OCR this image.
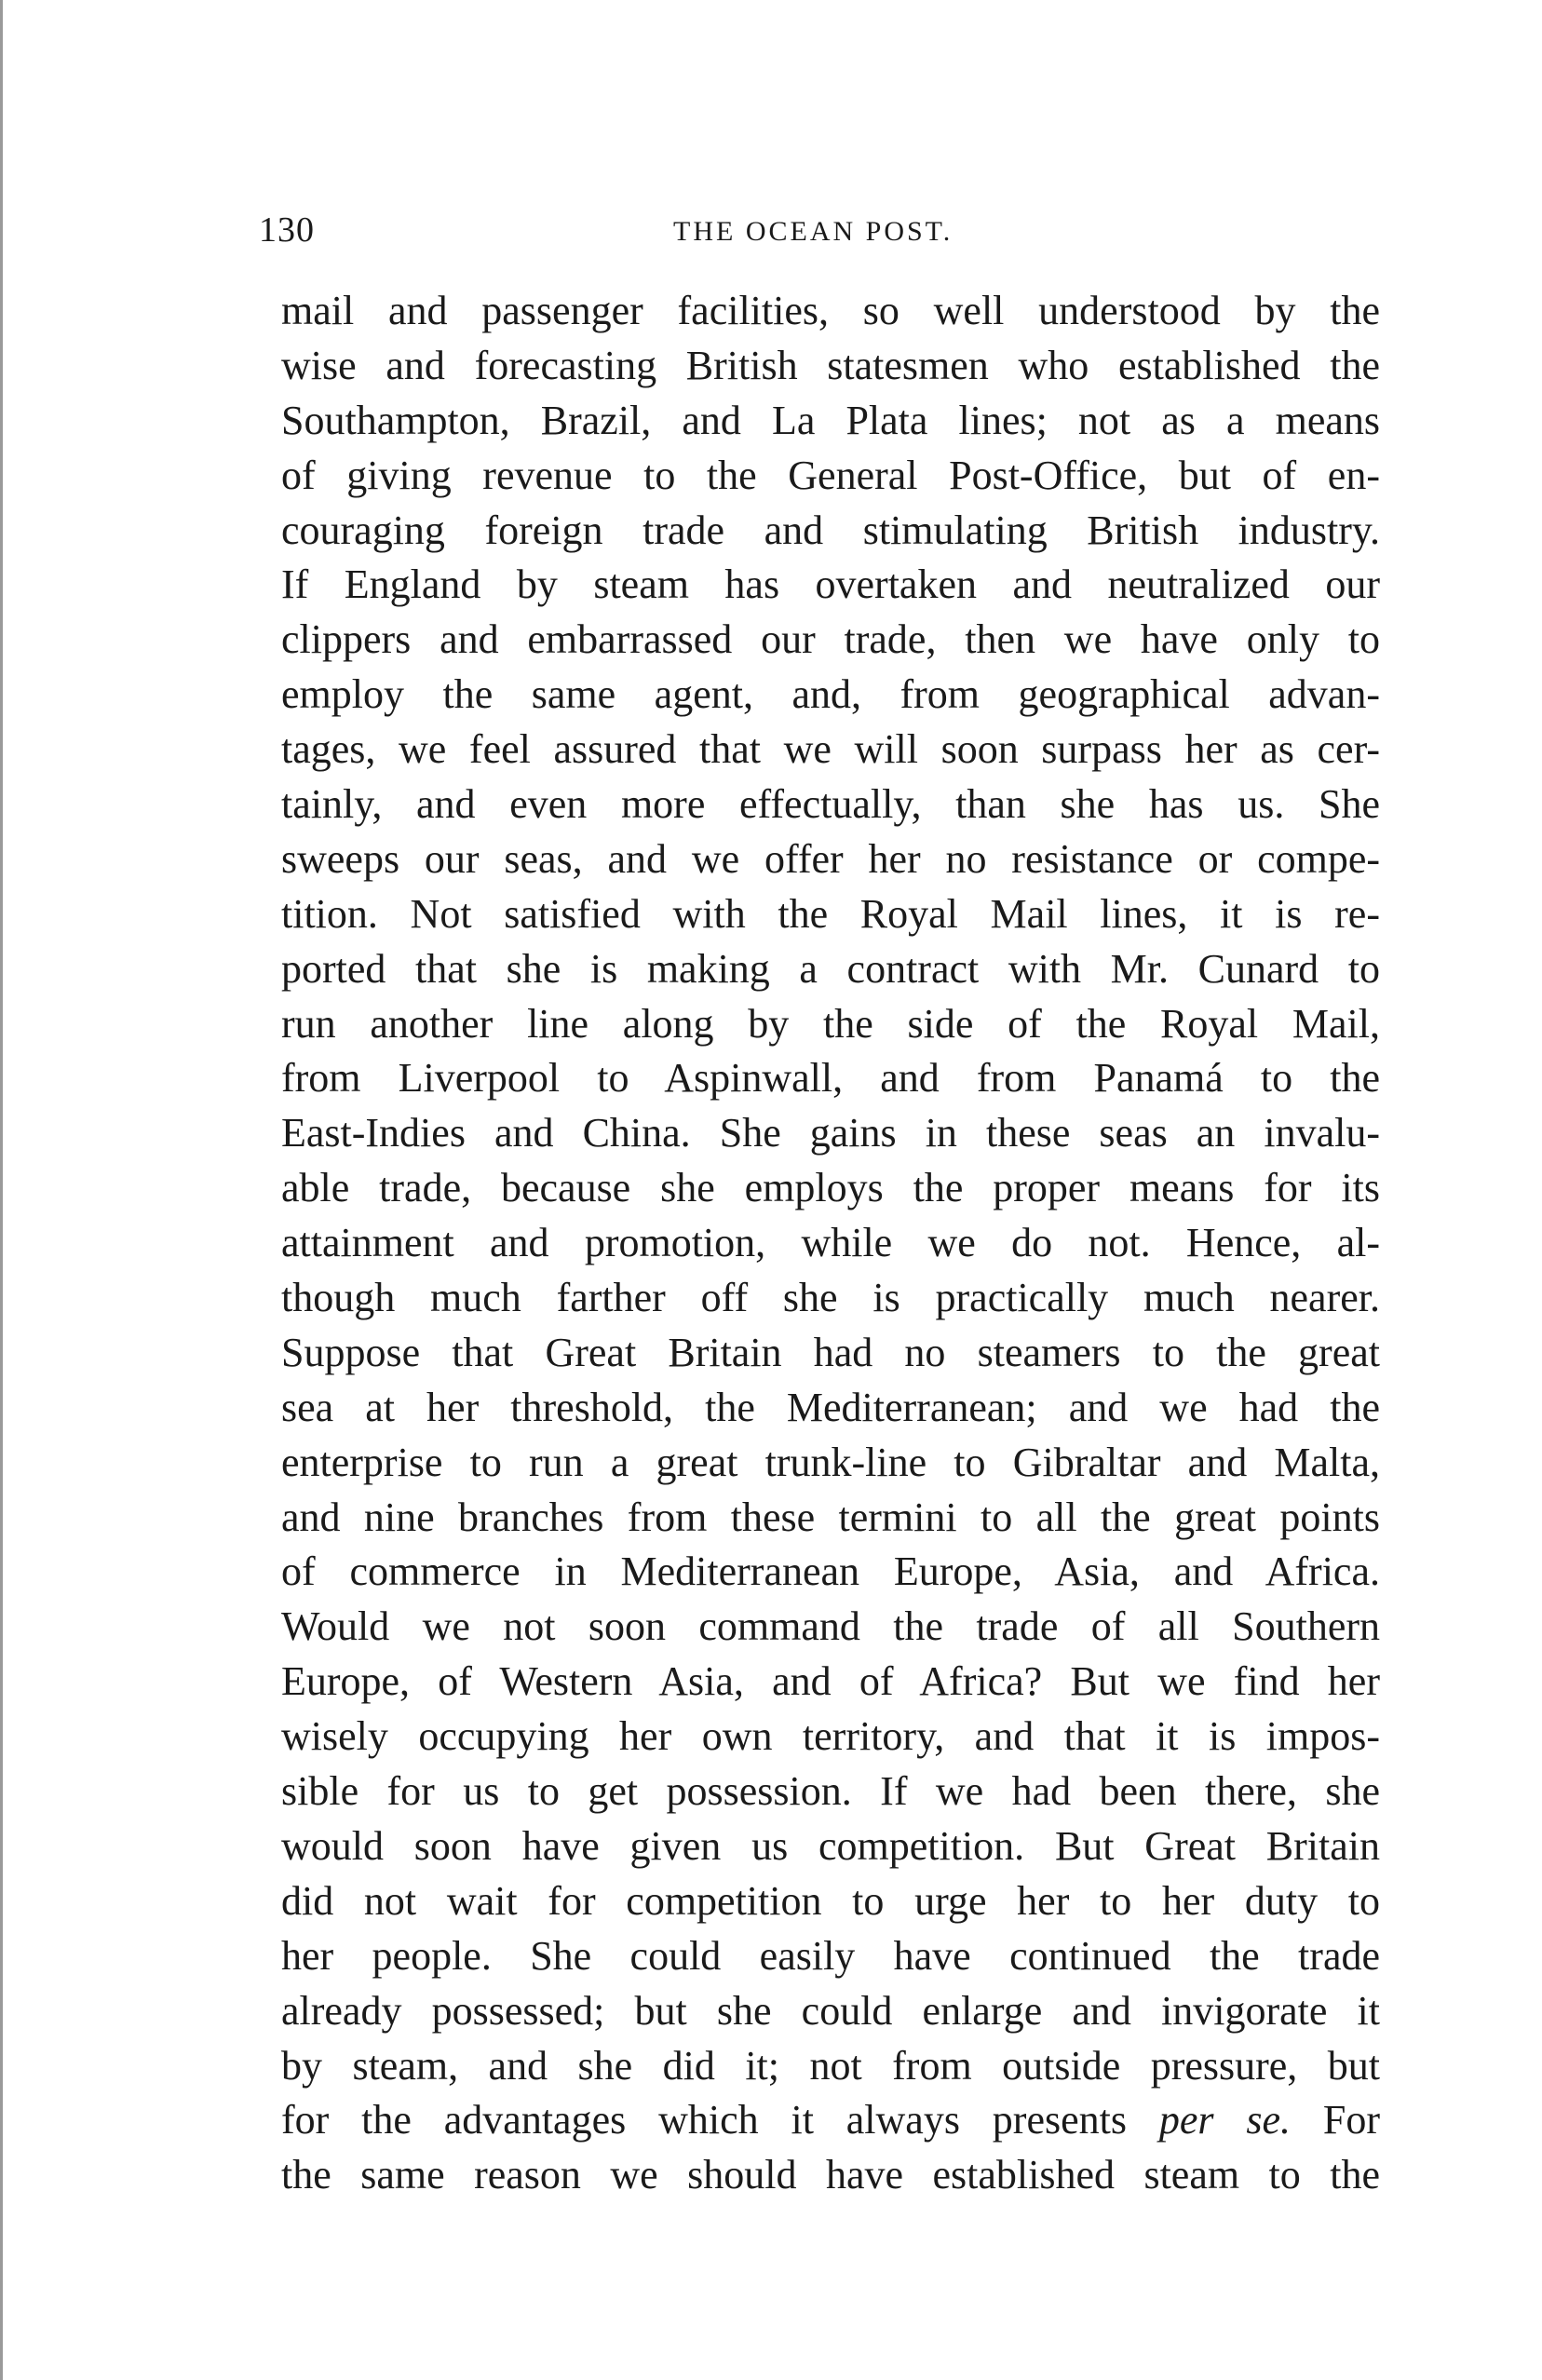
130	THE OCEAN POST.
mail and passenger facilities, so well understood by the
wise and forecasting British statesmen who established the
Southampton, Brazil, and La Plata lines; not as a means
of giving revenue to the General Post-Office, but of en-
couraging foreign trade and stimulating British industry.
If England by steam has overtaken and neutralized our
clippers and embarrassed our trade, then we have only to
employ the same agent, and, from geographical advan-
tages, we feel assured that we will soon surpass her as cer-
tainly, and even more effectually, than she has us. She
sweeps our seas, and we offer her no resistance or compe-
tition. Not satisfied with the Royal Mail lines, it is re-
ported that she is making a contract with Mr. Cunard to
run another line along by the side of the Royal Mail,
from Liverpool to Aspinwall, and from Panamá to the
East-Indies and China. She gains in these seas an invalu-
able trade, because she employs the proper means for its
attainment and promotion, while we do not. Hence, al-
though much farther off she is practically much nearer.
Suppose that Great Britain had no steamers to the great
sea at her threshold, the Mediterranean; and we had the
enterprise to run a great trunk-line to Gibraltar and Malta,
and nine branches from these termini to all the great points
of commerce in Mediterranean Europe, Asia, and Africa.
Would we not soon command the trade of all Southern
Europe, of Western Asia, and of Africa? But we find her
wisely occupying her own territory, and that it is impos-
sible for us to get possession. If we had been there, she
would soon have given us competition. But Great Britain
did not wait for competition to urge her to her duty to
her people. She could easily have continued the trade
already possessed; but she could enlarge and invigorate it
by steam, and she did it; not from outside pressure, but
for the advantages which it always presents per se. For
the same reason we should have established steam to the
